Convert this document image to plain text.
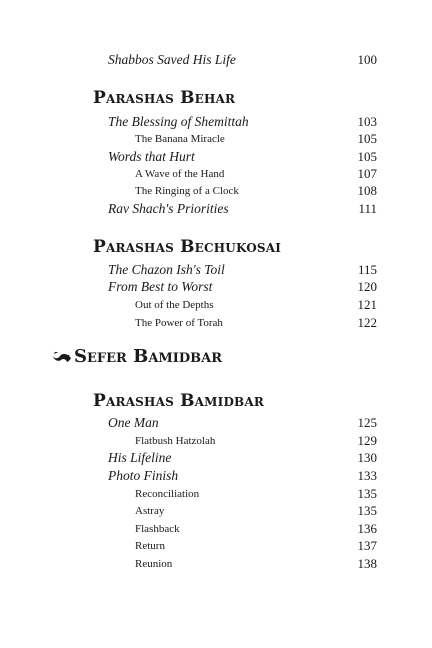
Shabbos Saved His Life	100
Parashas Behar
The Blessing of Shemittah	103
The Banana Miracle	105
Words that Hurt	105
A Wave of the Hand	107
The Ringing of a Clock	108
Rav Shach's Priorities	111
Parashas Bechukosai
The Chazon Ish's Toil	115
From Best to Worst	120
Out of the Depths	121
The Power of Torah	122
Sefer Bamidbar
Parashas Bamidbar
One Man	125
Flatbush Hatzolah	129
His Lifeline	130
Photo Finish	133
Reconciliation	135
Astray	135
Flashback	136
Return	137
Reunion	138
